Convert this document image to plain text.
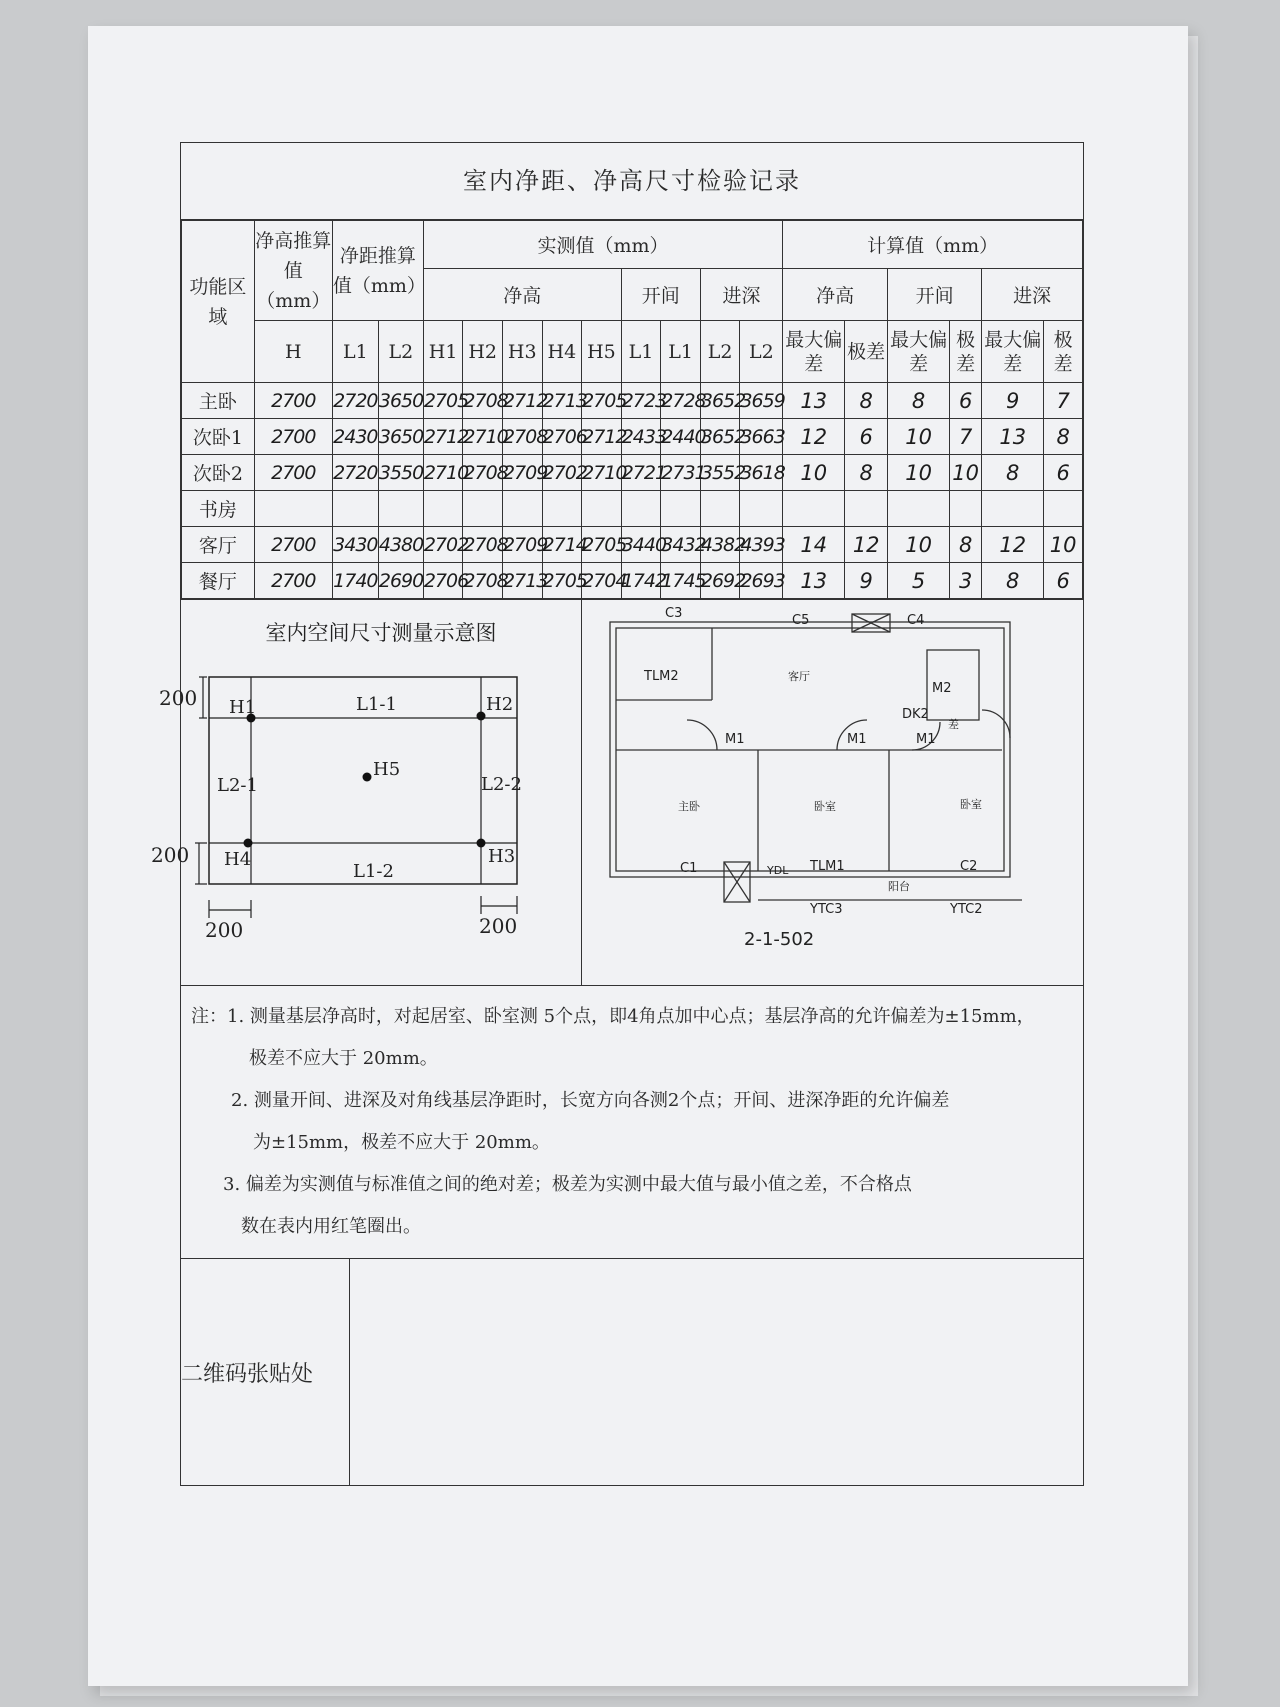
室内净距、净高尺寸检验记录
功能区域	净高推算值（mm）	净距推算值（mm）		实测值（mm）									计算值（mm）					
				净高					开间		进深		净高		开间		进深	
	H	L1	L2	H1	H2	H3	H4	H5	L1	L1	L2	L2	最大偏差	极差	最大偏差	极差	最大偏差	极差
主卧	2700	2720	3650	2705	2708	2712	2713	2705	2723	2728	3652	3659	13	8	8	6	9	7
次卧1	2700	2430	3650	2712	2710	2708	2706	2712	2433	2440	3652	3663	12	6	10	7	13	8
次卧2	2700	2720	3550	2710	2708	2709	2702	2710	2721	2731	3552	3618	10	8	10	10	8	6
书房																		
客厅	2700	3430	4380	2702	2708	2709	2714	2705	3440	3432	4382	4393	14	12	10	8	12	10
餐厅	2700	1740	2690	2706	2708	2713	2705	2704	1742	1745	2692	2693	13	9	5	3	8	6
室内空间尺寸测量示意图
H1	H2
H3
H4
H5
L1-1
L1-2
L2-1	L2-2
200
200
200	200
C3	C5	C4
TLM2
M2
DK2
M1	M1	M1
TLM1
C1	C2
YTC3	YTC2
YDL
客厅
主卧	卧室	卧室
阳台
差
2-1-502

注：1. 测量基层净高时，对起居室、卧室测 5个点，即4角点加中心点；基层净高的允许偏差为±15mm，

极差不应大于 20mm。

2. 测量开间、进深及对角线基层净距时，长宽方向各测2个点；开间、进深净距的允许偏差

为±15mm，极差不应大于 20mm。

3. 偏差为实测值与标准值之间的绝对差；极差为实测中最大值与最小值之差，不合格点

数在表内用红笔圈出。

二维码张贴处
